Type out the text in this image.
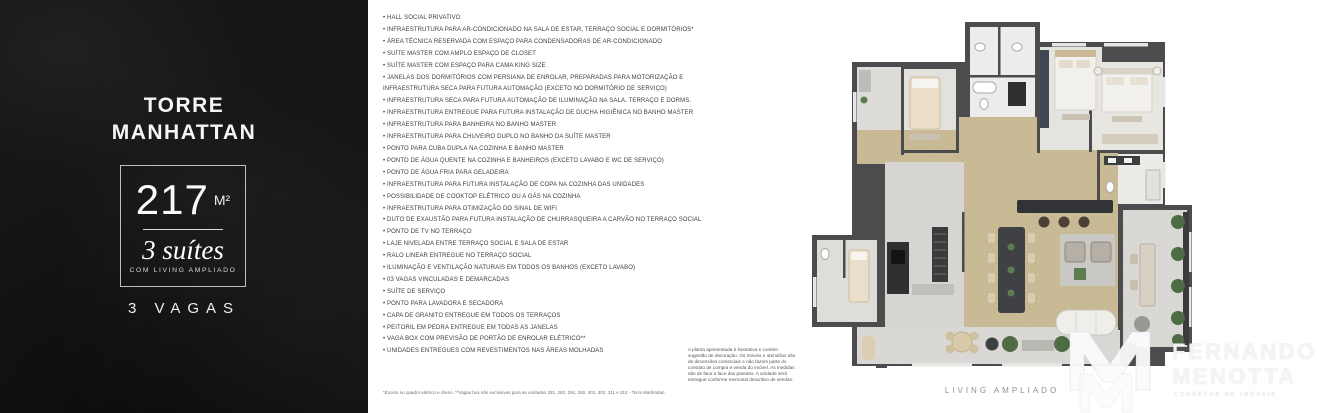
TORRE
MANHATTAN
217 M²
3 suítes
COM LIVING AMPLIADO
3 VAGAS
• HALL SOCIAL PRIVATIVO
• INFRAESTRUTURA PARA AR-CONDICIONADO NA SALA DE ESTAR, TERRAÇO SOCIAL E DORMITÓRIOS*
• ÁREA TÉCNICA RESERVADA COM ESPAÇO PARA CONDENSADORAS DE AR-CONDICIONADO
• SUÍTE MASTER COM AMPLO ESPAÇO DE CLOSET
• SUÍTE MASTER COM ESPAÇO PARA CAMA KING SIZE
• JANELAS DOS DORMITÓRIOS COM PERSIANA DE ENROLAR, PREPARADAS PARA MOTORIZAÇÃO E INFRAESTRUTURA SECA PARA FUTURA AUTOMAÇÃO (EXCETO NO DORMITÓRIO DE SERVIÇO)
• INFRAESTRUTURA SECA PARA FUTURA AUTOMAÇÃO DE ILUMINAÇÃO NA SALA, TERRAÇO E DORMS.
• INFRAESTRUTURA ENTREGUE PARA FUTURA INSTALAÇÃO DE DUCHA HIGIÊNICA NO BANHO MASTER
• INFRAESTRUTURA PARA BANHEIRA NO BANHO MASTER
• INFRAESTRUTURA PARA CHUVEIRO DUPLO NO BANHO DA SUÍTE MASTER
• PONTO PARA CUBA DUPLA NA COZINHA E BANHO MASTER
• PONTO DE ÁGUA QUENTE NA COZINHA E BANHEIROS (EXCETO LAVABO E WC DE SERVIÇO)
• PONTO DE ÁGUA FRIA PARA GELADEIRA
• INFRAESTRUTURA PARA FUTURA INSTALAÇÃO DE COPA NA COZINHA DAS UNIDADES
• POSSIBILIDADE DE COOKTOP ELÉTRICO OU A GÁS NA COZINHA
• INFRAESTRUTURA PARA OTIMIZAÇÃO DO SINAL DE WIFI
• DUTO DE EXAUSTÃO PARA FUTURA INSTALAÇÃO DE CHURRASQUEIRA A CARVÃO NO TERRAÇO SOCIAL
• PONTO DE TV NO TERRAÇO
• LAJE NIVELADA ENTRE TERRAÇO SOCIAL E SALA DE ESTAR
• RALO LINEAR ENTREGUE NO TERRAÇO SOCIAL
• ILUMINAÇÃO E VENTILAÇÃO NATURAIS EM TODOS OS BANHOS (EXCETO LAVABO)
• 03 VAGAS VINCULADAS E DEMARCADAS
• SUÍTE DE SERVIÇO
• PONTO PARA LAVADORA E SECADORA
• CAPA DE GRANITO ENTREGUE EM TODOS OS TERRAÇOS
• PEITORIL EM PEDRA ENTREGUE EM TODAS AS JANELAS
• VAGA BOX COM PREVISÃO DE PORTÃO DE ENROLAR ELÉTRICO**
• UNIDADES ENTREGUES COM REVESTIMENTOS NAS ÁREAS MOLHADAS
*Exceto no quadro elétrico e dreno. **Vagas box não exclusivas para as unidades 281, 282, 291, 292, 301, 302, 311 e 312 - Torre Manhattan.
A planta apresentada é ilustrativa e contém sugestão de decoração. Os móveis e utensílios são de dimensões comerciais e não fazem parte do contrato de compra e venda do imóvel. As medidas são de face a face das paredes. A unidade será entregue conforme memorial descritivo de vendas.
LIVING AMPLIADO
FERNANDO
MENOTTA
CORRETOR DE IMÓVEIS
